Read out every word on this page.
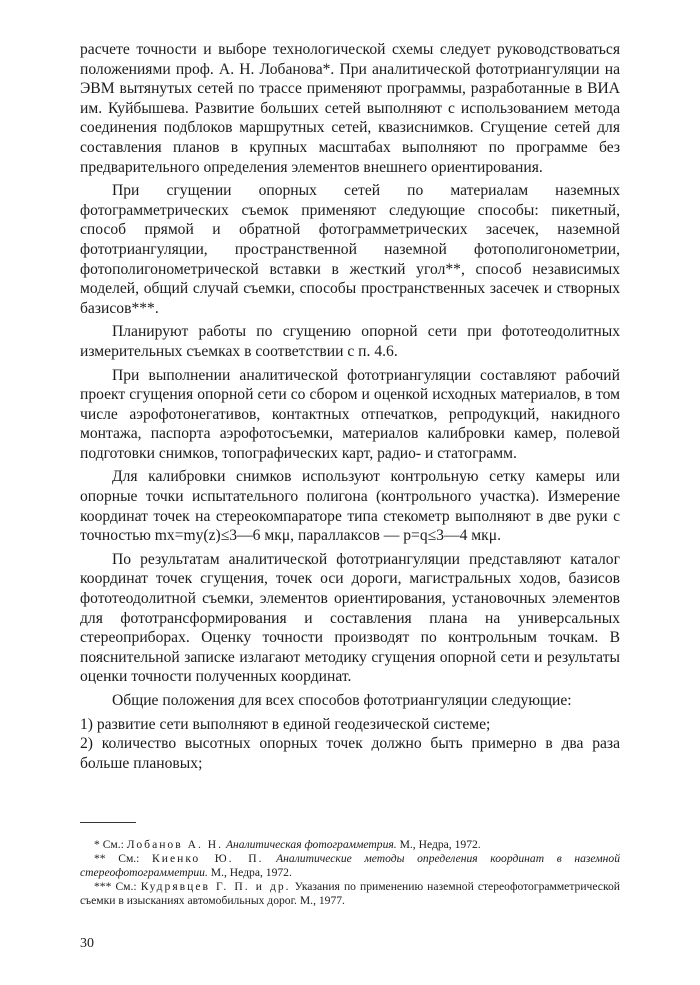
расчете точности и выборе технологической схемы следует руководствоваться положениями проф. А. Н. Лобанова*. При аналитической фототриангуляции на ЭВМ вытянутых сетей по трассе применяют программы, разработанные в ВИА им. Куйбышева. Развитие больших сетей выполняют с использованием метода соединения подблоков маршрутных сетей, квазиснимков. Сгущение сетей для составления планов в крупных масштабах выполняют по программе без предварительного определения элементов внешнего ориентирования.

При сгущении опорных сетей по материалам наземных фотограмметрических съемок применяют следующие способы: пикетный, способ прямой и обратной фотограмметрических засечек, наземной фототриангуляции, пространственной наземной фотополигонометрии, фотополигонометрической вставки в жесткий угол**, способ независимых моделей, общий случай съемки, способы пространственных засечек и створных базисов***.

Планируют работы по сгущению опорной сети при фототеодолитных измерительных съемках в соответствии с п. 4.6.

При выполнении аналитической фототриангуляции составляют рабочий проект сгущения опорной сети со сбором и оценкой исходных материалов, в том числе аэрофотонегативов, контактных отпечатков, репродукций, накидного монтажа, паспорта аэрофотосъемки, материалов калибровки камер, полевой подготовки снимков, топографических карт, радио- и статограмм.

Для калибровки снимков используют контрольную сетку камеры или опорные точки испытательного полигона (контрольного участка). Измерение координат точек на стереокомпараторе типа стекометр выполняют в две руки с точностью mx=my(z)≤3—6 мкμ, параллаксов — p=q≤3—4 мкμ.

По результатам аналитической фототриангуляции представляют каталог координат точек сгущения, точек оси дороги, магистральных ходов, базисов фототеодолитной съемки, элементов ориентирования, установочных элементов для фототрансформирования и составления плана на универсальных стереоприборах. Оценку точности производят по контрольным точкам. В пояснительной записке излагают методику сгущения опорной сети и результаты оценки точности полученных координат.

Общие положения для всех способов фототриангуляции следующие:

1) развитие сети выполняют в единой геодезической системе;

2) количество высотных опорных точек должно быть примерно в два раза больше плановых;

* См.: Лобанов А. Н. Аналитическая фотограмметрия. М., Недра, 1972.

** См.: Киенко Ю. П. Аналитические методы определения координат в наземной стереофотограмметрии. М., Недра, 1972.

*** См.: Кудрявцев Г. П. и др. Указания по применению наземной стереофотограмметрической съемки в изысканиях автомобильных дорог. М., 1977.

30
